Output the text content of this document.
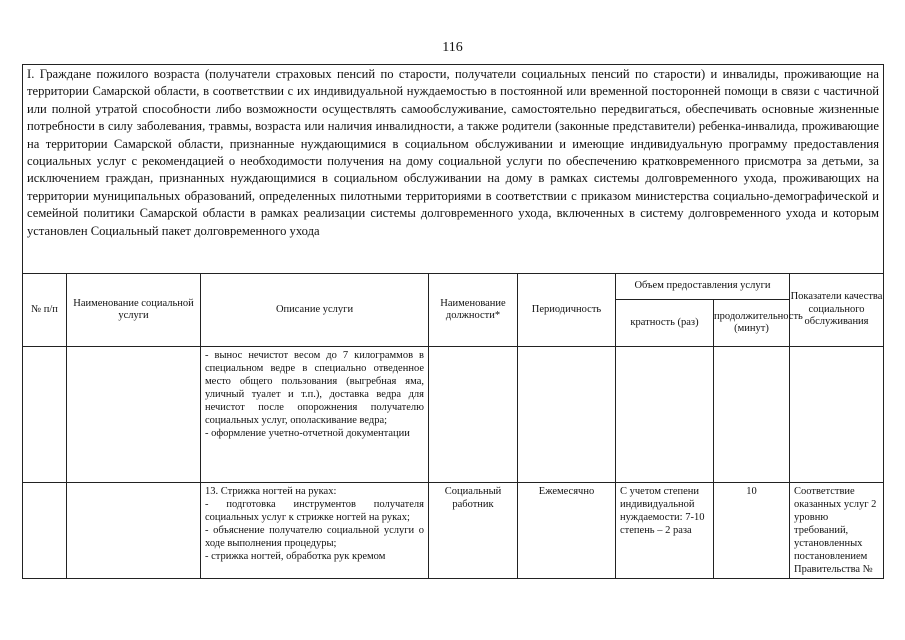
116
I. Граждане пожилого возраста (получатели страховых пенсий по старости, получатели социальных пенсий по старости) и инвалиды, проживающие на территории Самарской области, в соответствии с их индивидуальной нуждаемостью в постоянной или временной посторонней помощи в связи с частичной или полной утратой способности либо возможности осуществлять самообслуживание, самостоятельно передвигаться, обеспечивать основные жизненные потребности в силу заболевания, травмы, возраста или наличия инвалидности, а также родители (законные представители) ребенка-инвалида, проживающие на территории Самарской области, признанные нуждающимися в социальном обслуживании и имеющие индивидуальную программу предоставления социальных услуг с рекомендацией о необходимости получения на дому социальной услуги по обеспечению кратковременного присмотра за детьми, за исключением граждан, признанных нуждающимися в социальном обслуживании на дому в рамках системы долговременного ухода, проживающих на территории муниципальных образований, определенных пилотными территориями в соответствии с приказом министерства социально-демографической и семейной политики Самарской области в рамках реализации системы долговременного ухода, включенных в систему долговременного ухода и которым установлен Социальный пакет долговременного ухода							
№ п/п	Наименование социальной услуги	Описание услуги	Наименование должности*	Периодичность	Объем предоставления услуги		Показатели качества социального обслуживания
					кратность (раз)	продолжительность (минут)	

		- вынос нечистот весом до 7 килограммов в специальном ведре в специально отведенное место общего пользования (выгребная яма, уличный туалет и т.п.), доставка ведра для нечистот после опорожнения получателю социальных услуг, ополаскивание ведра;
- оформление учетно-отчетной документации					

		13. Стрижка ногтей на руках:
- подготовка инструментов получателя социальных услуг к стрижке ногтей на руках;
- объяснение получателю социальной услуги о ходе выполнения процедуры;
- стрижка ногтей, обработка рук кремом	Социальный работник	Ежемесячно	С учетом степени индивидуальной нуждаемости: 7-10 степень – 2 раза	10	Соответствие оказанных услуг 2 уровню требований, установленных постановлением Правительства №
